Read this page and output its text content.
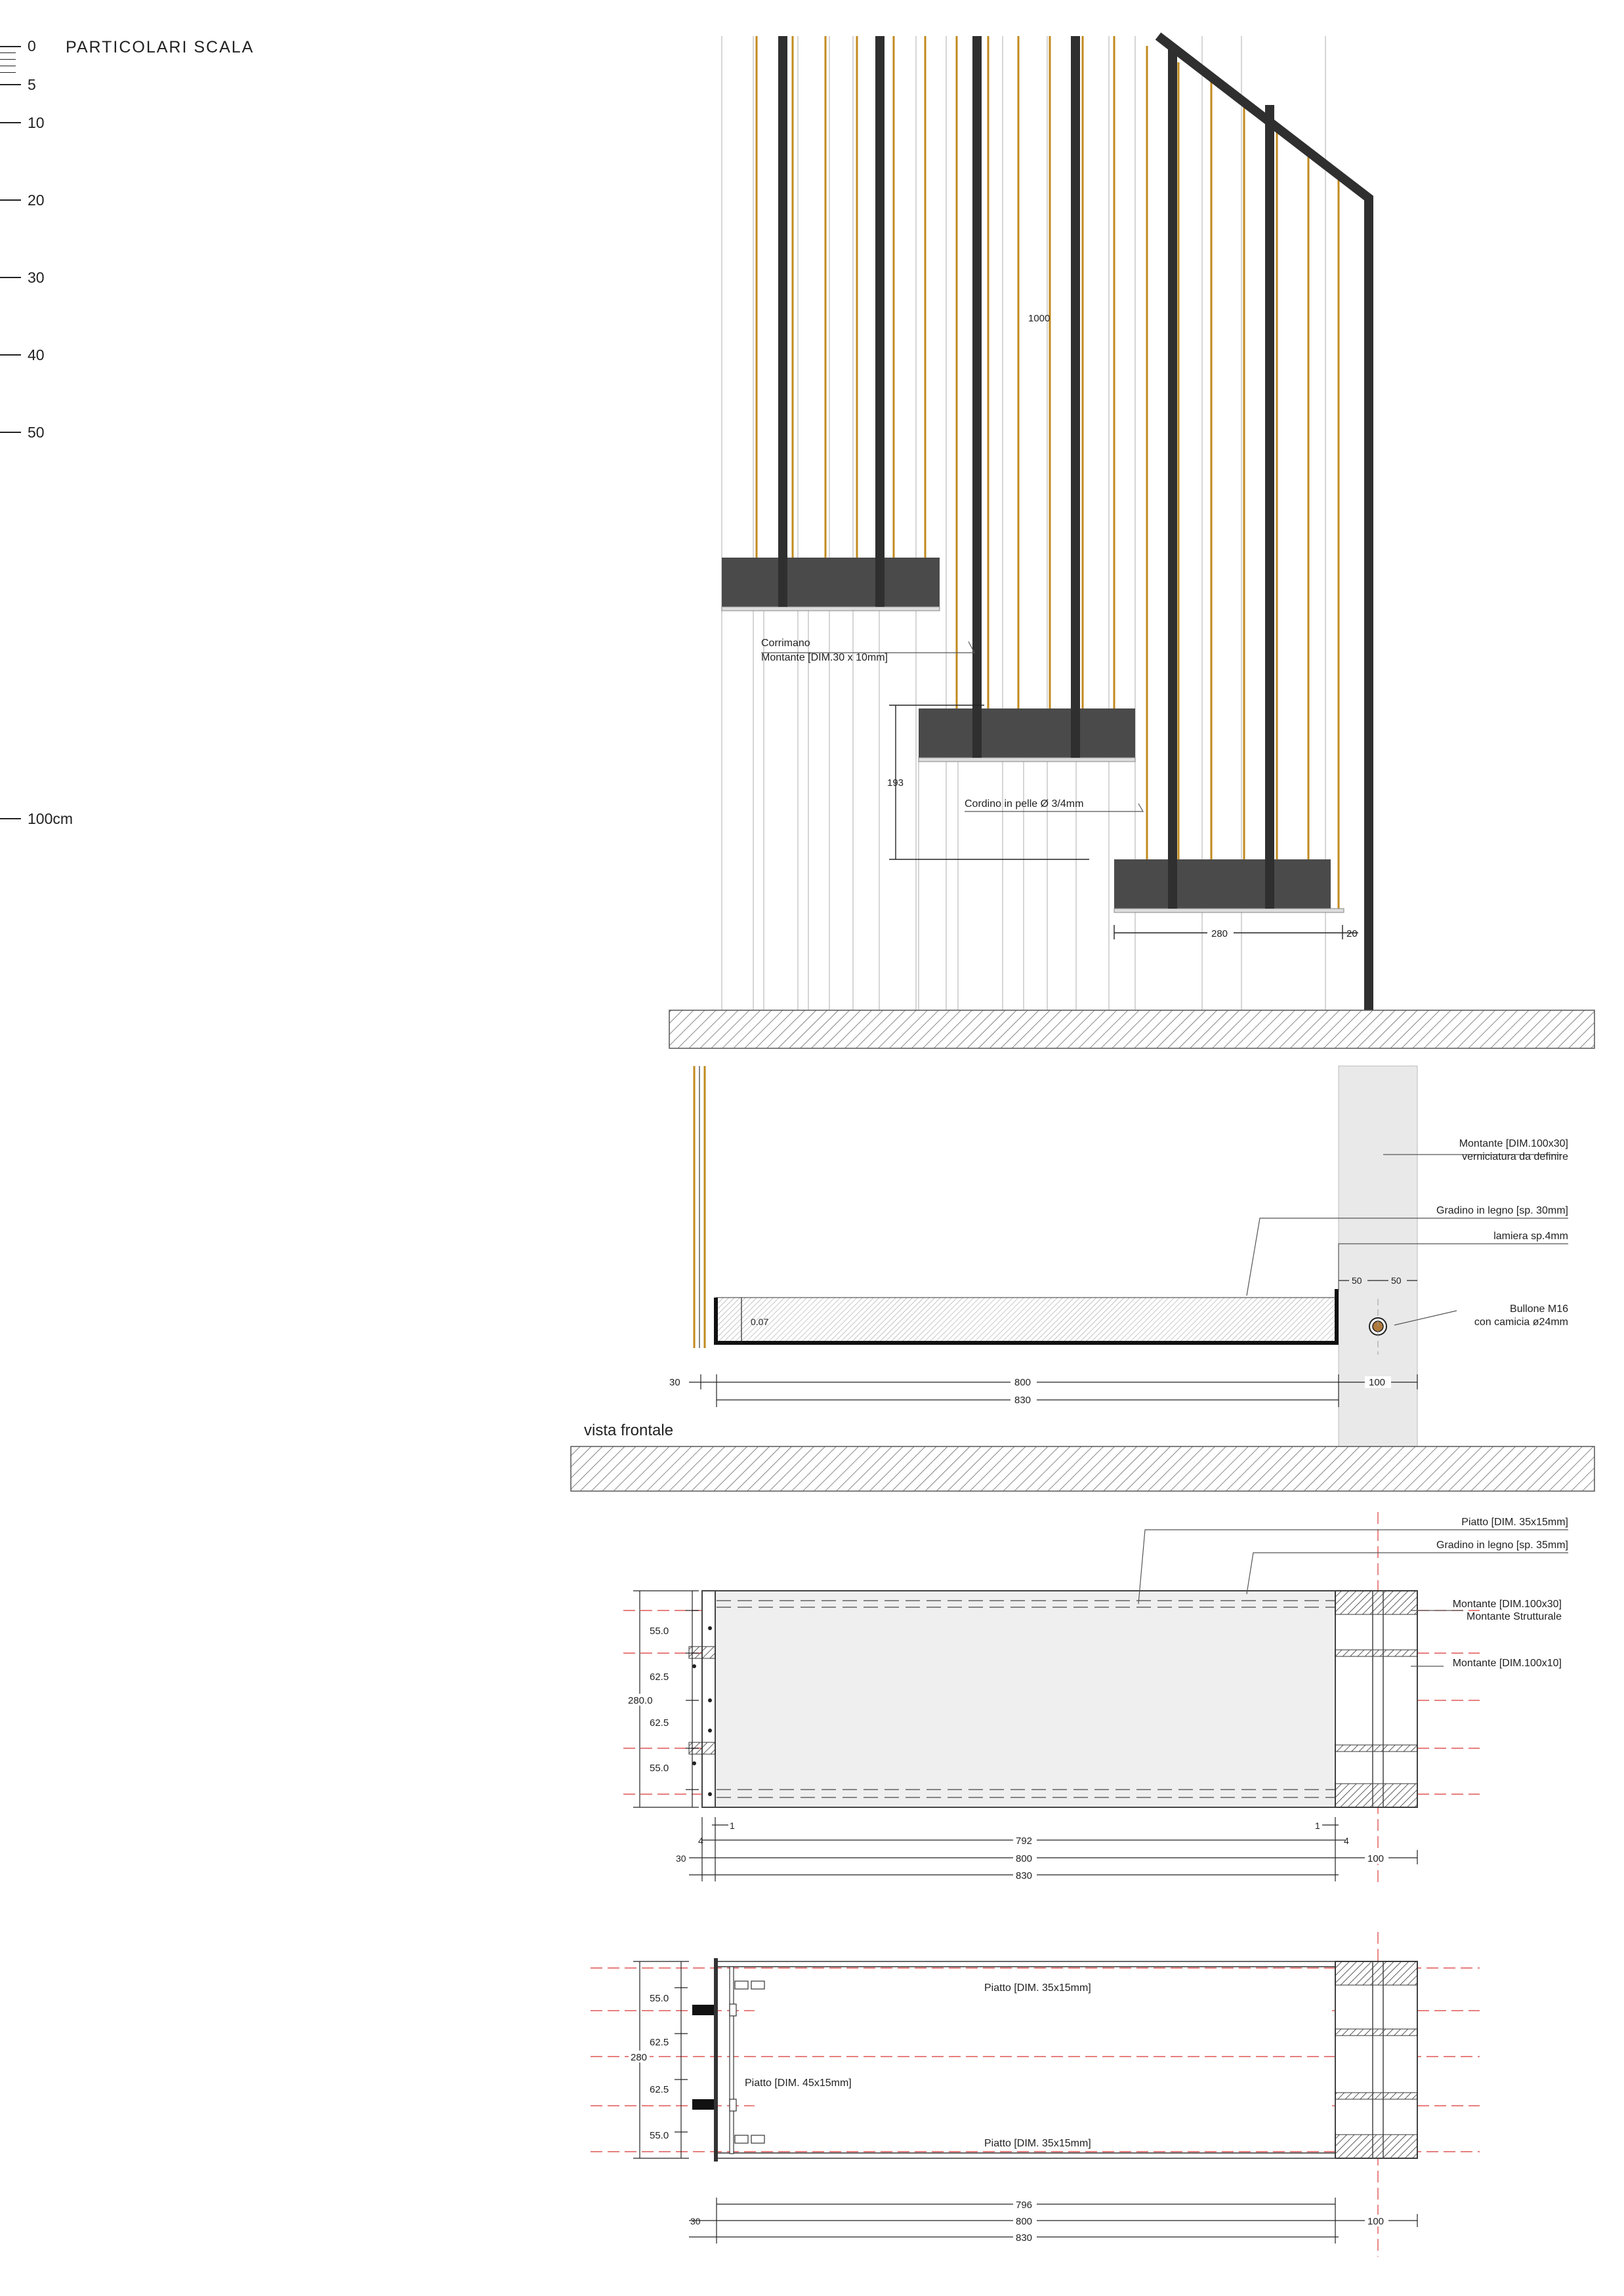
PARTICOLARI SCALA
0
5
10
20
30
40
50
100cm
193
1000
280	20
Corrimano
Montante [DIM.30 x 10mm]
Cordino in pelle Ø 3/4mm
0.07
30	800
830
100
50	50
Montante [DIM.100x30]
verniciatura da definire
Gradino in legno [sp. 30mm]
lamiera sp.4mm
Bullone M16
con camicia ø24mm
vista frontale
55.0
62.5
62.5
55.0
280.0
1	1
4	4
792
30	800	100
830
Piatto [DIM. 35x15mm]
Gradino in legno [sp. 35mm]
Montante [DIM.100x30]
Montante Strutturale
Montante [DIM.100x10]
55.0
62.5
62.5
55.0
280
796
30	800	100
830
Piatto [DIM. 35x15mm]
Piatto [DIM. 45x15mm]
Piatto [DIM. 35x15mm]
